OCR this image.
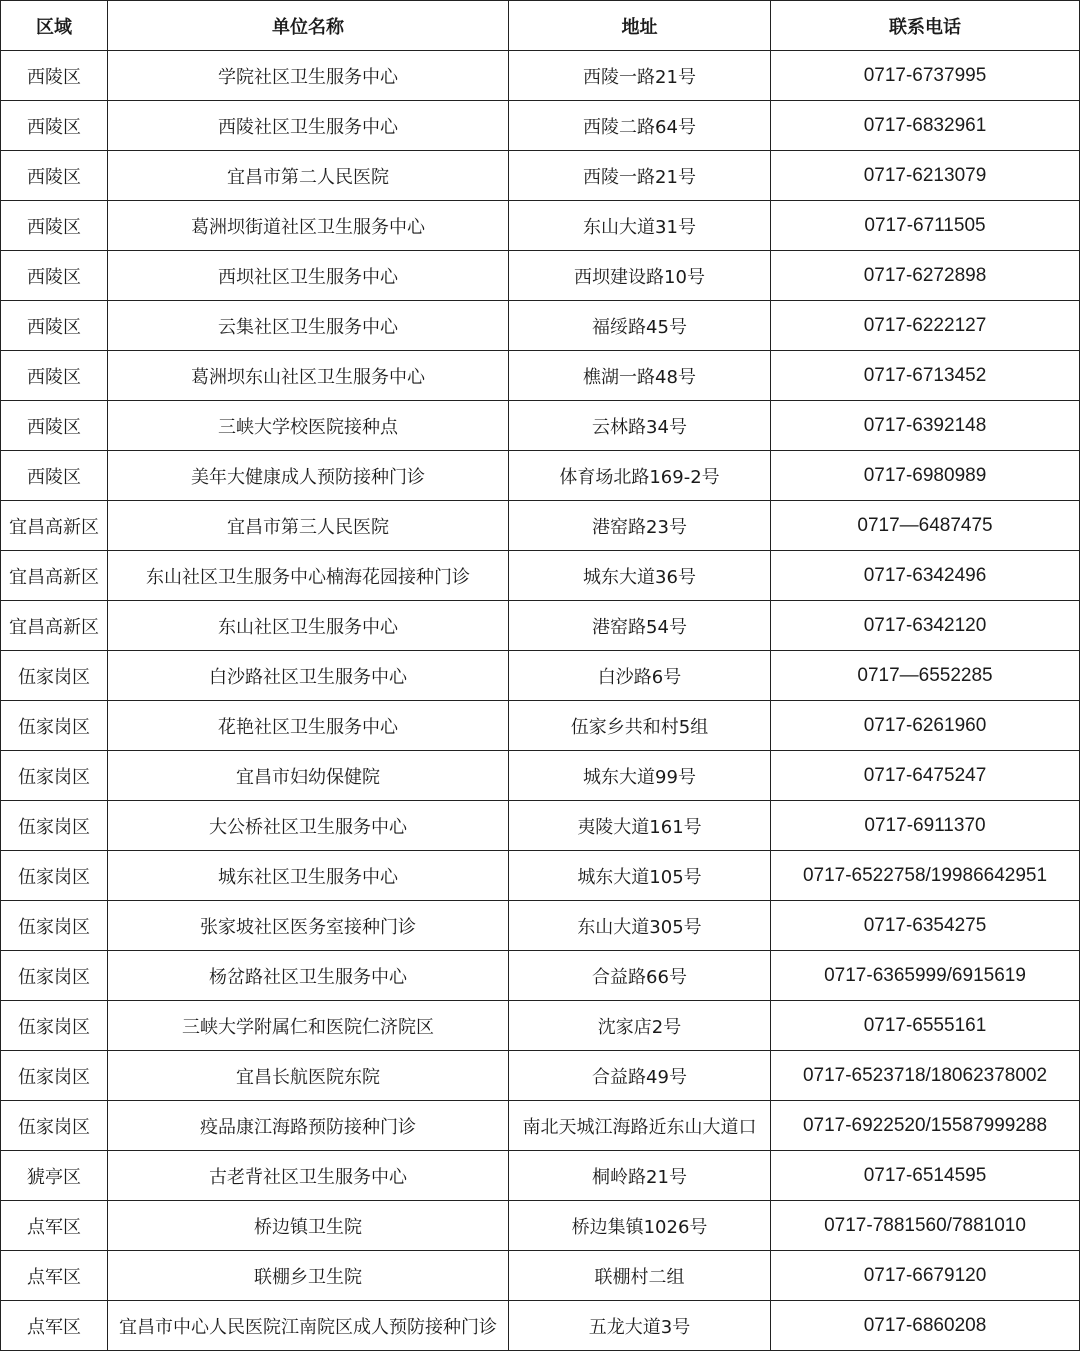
区域	单位名称	地址	联系电话
西陵区	学院社区卫生服务中心	西陵一路21号	0717-6737995
西陵区	西陵社区卫生服务中心	西陵二路64号	0717-6832961
西陵区	宜昌市第二人民医院	西陵一路21号	0717-6213079
西陵区	葛洲坝街道社区卫生服务中心	东山大道31号	0717-6711505
西陵区	西坝社区卫生服务中心	西坝建设路10号	0717-6272898
西陵区	云集社区卫生服务中心	福绥路45号	0717-6222127
西陵区	葛洲坝东山社区卫生服务中心	樵湖一路48号	0717-6713452
西陵区	三峡大学校医院接种点	云林路34号	0717-6392148
西陵区	美年大健康成人预防接种门诊	体育场北路169-2号	0717-6980989
宜昌高新区	宜昌市第三人民医院	港窑路23号	0717—6487475
宜昌高新区	东山社区卫生服务中心楠海花园接种门诊	城东大道36号	0717-6342496
宜昌高新区	东山社区卫生服务中心	港窑路54号	0717-6342120
伍家岗区	白沙路社区卫生服务中心	白沙路6号	0717—6552285
伍家岗区	花艳社区卫生服务中心	伍家乡共和村5组	0717-6261960
伍家岗区	宜昌市妇幼保健院	城东大道99号	0717-6475247
伍家岗区	大公桥社区卫生服务中心	夷陵大道161号	0717-6911370
伍家岗区	城东社区卫生服务中心	城东大道105号	0717-6522758/19986642951
伍家岗区	张家坡社区医务室接种门诊	东山大道305号	0717-6354275
伍家岗区	杨岔路社区卫生服务中心	合益路66号	0717-6365999/6915619
伍家岗区	三峡大学附属仁和医院仁济院区	沈家店2号	0717-6555161
伍家岗区	宜昌长航医院东院	合益路49号	0717-6523718/18062378002
伍家岗区	疫品康江海路预防接种门诊	南北天城江海路近东山大道口	0717-6922520/15587999288
猇亭区	古老背社区卫生服务中心	桐岭路21号	0717-6514595
点军区	桥边镇卫生院	桥边集镇1026号	0717-7881560/7881010
点军区	联棚乡卫生院	联棚村二组	0717-6679120
点军区	宜昌市中心人民医院江南院区成人预防接种门诊	五龙大道3号	0717-6860208
